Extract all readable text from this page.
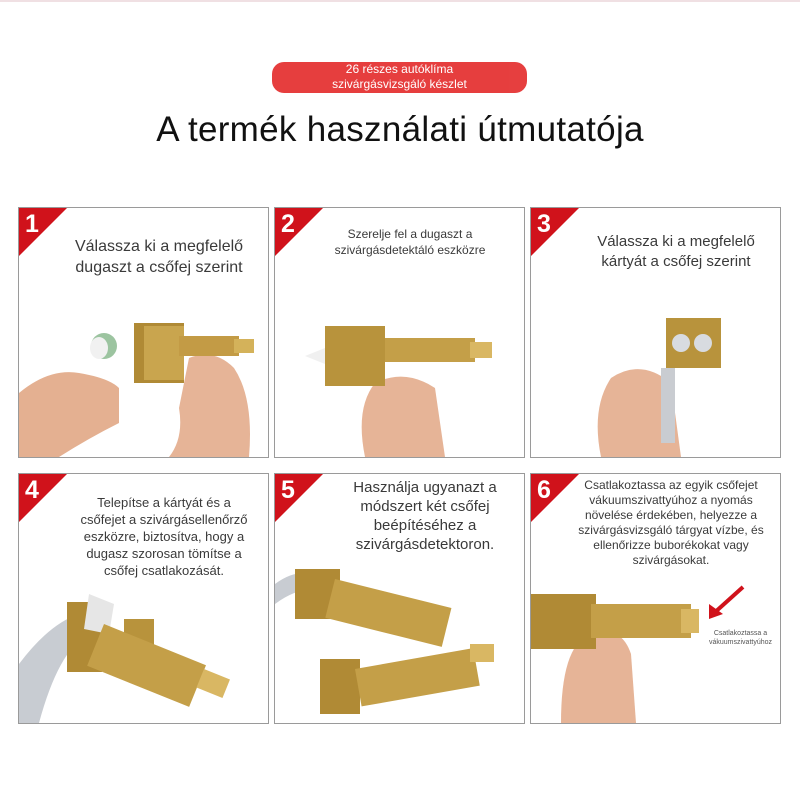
26 részes autóklíma
szivárgásvizsgáló készlet
A termék használati útmutatója
1
Válassza ki a megfelelő dugaszt a csőfej szerint
2	Szerelje fel a dugaszt a szivárgásdetektáló eszközre
3
Válassza ki a megfelelő kártyát a csőfej szerint
4	Telepítse a kártyát és a csőfejet a szivárgásellenőrző eszközre, biztosítva, hogy a dugasz szorosan tömítse a csőfej csatlakozását.
5	Használja ugyanazt a módszert két csőfej beépítéséhez a szivárgásdetektoron.
6	Csatlakoztassa az egyik csőfejet vákuumszivattyúhoz a nyomás növelése érdekében, helyezze a szivárgásvizsgáló tárgyat vízbe, és ellenőrizze buborékokat vagy szivárgásokat.
Csatlakoztassa a vákuumszivattyúhoz
